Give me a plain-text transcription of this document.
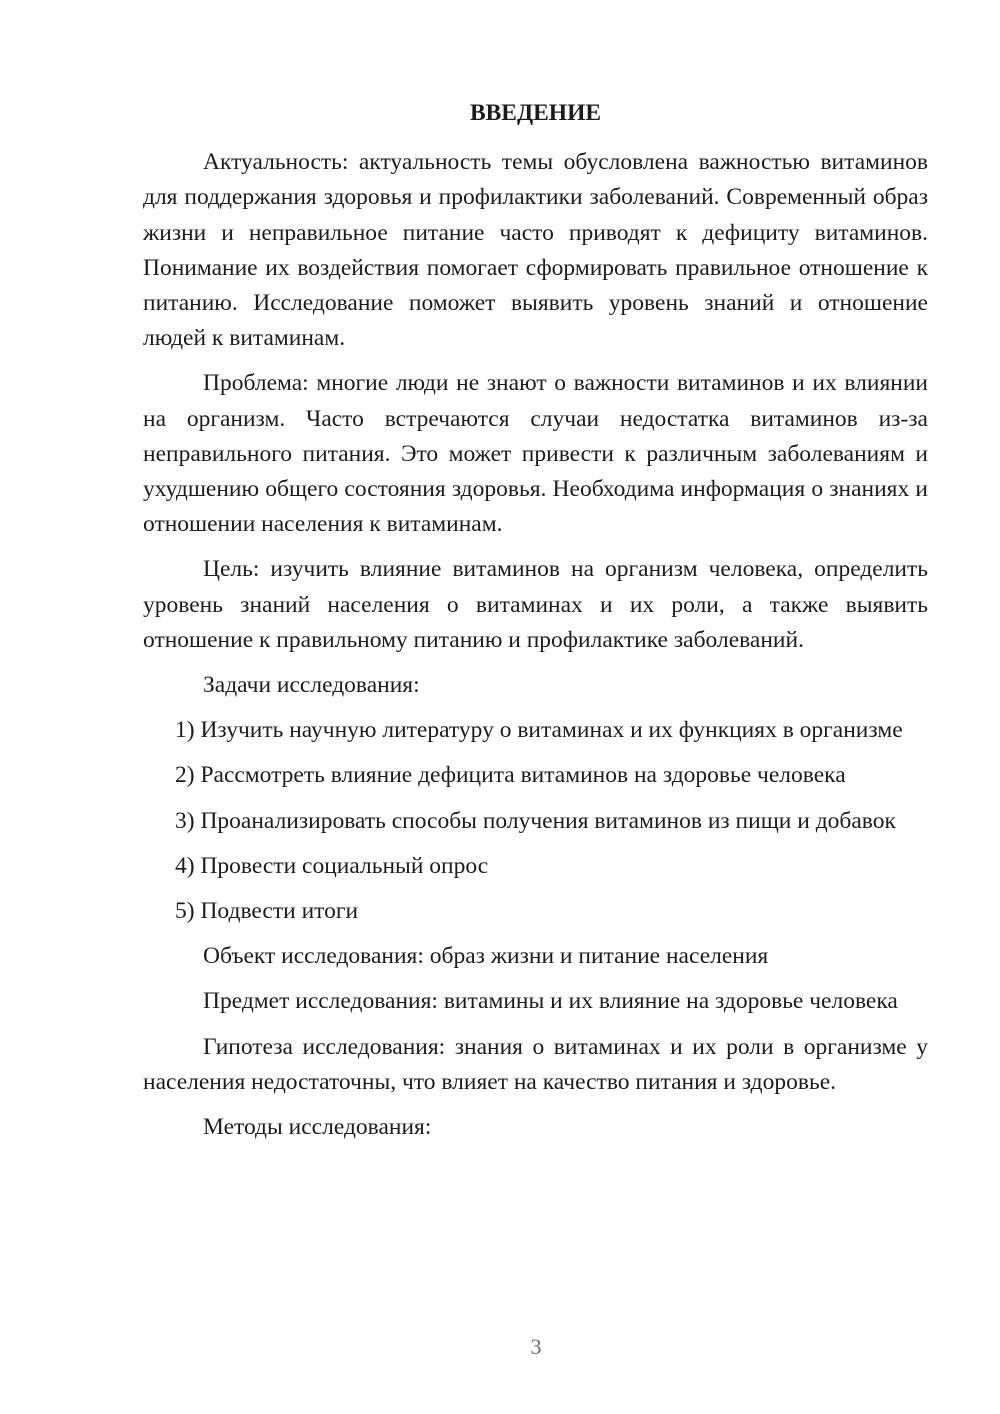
ВВЕДЕНИЕ

Актуальность: актуальность темы обусловлена важностью витаминов для поддержания здоровья и профилактики заболеваний. Современный образ жизни и неправильное питание часто приводят к дефициту витаминов. Понимание их воздействия помогает сформировать правильное отношение к питанию. Исследование поможет выявить уровень знаний и отношение людей к витаминам.

Проблема: многие люди не знают о важности витаминов и их влиянии на организм. Часто встречаются случаи недостатка витаминов из-за неправильного питания. Это может привести к различным заболеваниям и ухудшению общего состояния здоровья. Необходима информация о знаниях и отношении населения к витаминам.

Цель: изучить влияние витаминов на организм человека, определить уровень знаний населения о витаминах и их роли, а также выявить отношение к правильному питанию и профилактике заболеваний.

Задачи исследования:

1) Изучить научную литературу о витаминах и их функциях в организме

2) Рассмотреть влияние дефицита витаминов на здоровье человека

3) Проанализировать способы получения витаминов из пищи и добавок

4) Провести социальный опрос

5) Подвести итоги

Объект исследования: образ жизни и питание населения

Предмет исследования: витамины и их влияние на здоровье человека

Гипотеза исследования: знания о витаминах и их роли в организме у населения недостаточны, что влияет на качество питания и здоровье.

Методы исследования:

3
